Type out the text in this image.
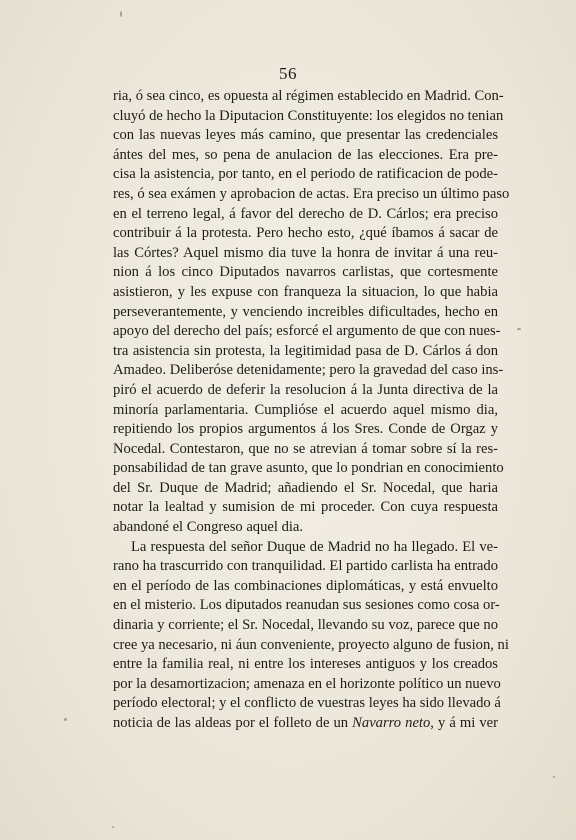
56
ria, ó sea cinco, es opuesta al régimen establecido en Madrid. Con-
cluyó de hecho la Diputacion Constituyente: los elegidos no tenian
con las nuevas leyes más camino, que presentar las credenciales
ántes del mes, so pena de anulacion de las elecciones. Era pre-
cisa la asistencia, por tanto, en el periodo de ratificacion de pode-
res, ó sea exámen y aprobacion de actas. Era preciso un último paso
en el terreno legal, á favor del derecho de D. Cárlos; era preciso
contribuir á la protesta. Pero hecho esto, ¿qué íbamos á sacar de
las Córtes? Aquel mismo dia tuve la honra de invitar á una reu-
nion á los cinco Diputados navarros carlistas, que cortesmente
asistieron, y les expuse con franqueza la situacion, lo que habia
perseverantemente, y venciendo increibles dificultades, hecho en
apoyo del derecho del país; esforcé el argumento de que con nues-
tra asistencia sin protesta, la legitimidad pasa de D. Cárlos á don
Amadeo. Deliberóse detenidamente; pero la gravedad del caso ins-
piró el acuerdo de deferir la resolucion á la Junta directiva de la
minoría parlamentaria. Cumplióse el acuerdo aquel mismo dia,
repitiendo los propios argumentos á los Sres. Conde de Orgaz y
Nocedal. Contestaron, que no se atrevian á tomar sobre sí la res-
ponsabilidad de tan grave asunto, que lo pondrian en conocimiento
del Sr. Duque de Madrid; añadiendo el Sr. Nocedal, que haria
notar la lealtad y sumision de mi proceder. Con cuya respuesta
abandoné el Congreso aquel dia.
La respuesta del señor Duque de Madrid no ha llegado. El ve-
rano ha trascurrido con tranquilidad. El partido carlista ha entrado
en el período de las combinaciones diplomáticas, y está envuelto
en el misterio. Los diputados reanudan sus sesiones como cosa or-
dinaria y corriente; el Sr. Nocedal, llevando su voz, parece que no
cree ya necesario, ni áun conveniente, proyecto alguno de fusion, ni
entre la familia real, ni entre los intereses antiguos y los creados
por la desamortizacion; amenaza en el horizonte político un nuevo
período electoral; y el conflicto de vuestras leyes ha sido llevado á
noticia de las aldeas por el folleto de un Navarro neto, y á mi ver
